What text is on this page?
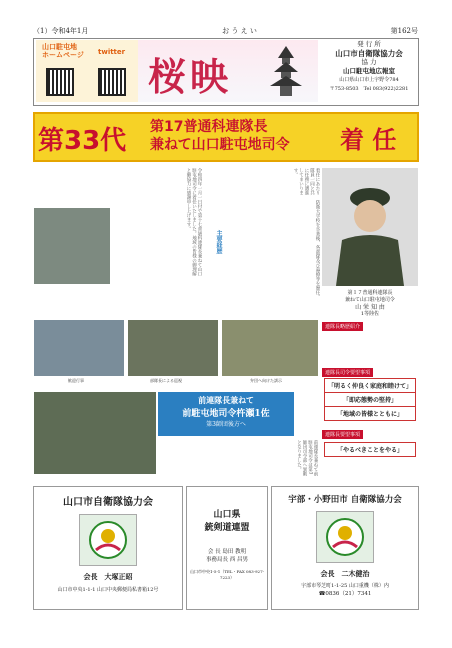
（1）令和4年1月	お う え い	第162号
山口駐屯地
ホームページ twitter
桜映
発 行 所
山口市自衛隊協力会
協 力
山口駐屯地広報室
山口県山口市上宇野令784
〒753-8503　Tel 083(922)2281
第33代 第17普通科連隊長
兼ねて山口駐屯地司令 着 任
令和四年一月一日付で第十七普通科連隊長兼ねて山口駐屯地司令に着任いたしました。地域の皆様の御理解と御協力に感謝申し上げます。	着任にあたり隊員一同と共に任務に邁進してまいります。
主要経歴	防衛大学校を卒業後、各部隊及び幕僚等を歴任。	第１７普通科連隊長
兼ねて山口駐屯地司令
山 栄 知 由
1等陸佐
連隊長略歴紹介
連隊長司令要望事項
「明るく仲良く家庭和睦けて」
「即応態勢の堅持」
「地域の皆様とともに」
連隊長要望事項
「やるべきことをやる」
歓迎行事	部隊長による巡視	弁団へ向けた訓示
前連隊長兼ねて
前駐屯地司令杵瀬1佐
第3師団後方へ
前連隊長兼ねて前駐屯地司令は第3師団司令部へ異動となりました。
山口市自衛隊協力会
会長　 大塚正昭
山口市中央1-1-1 山口中央郵便局私書箱12号
山口県
銃剣道連盟
会 長 島田 教明
事務局長 西 昌男
山口市中央1-5-1（TEL・FAX 083-927-7223）
宇部・小野田市 自衛隊協力会
会長　 二木健治
宇部市琴芝町1-1-25 山口重機（株）内
☎0836（21）7341
